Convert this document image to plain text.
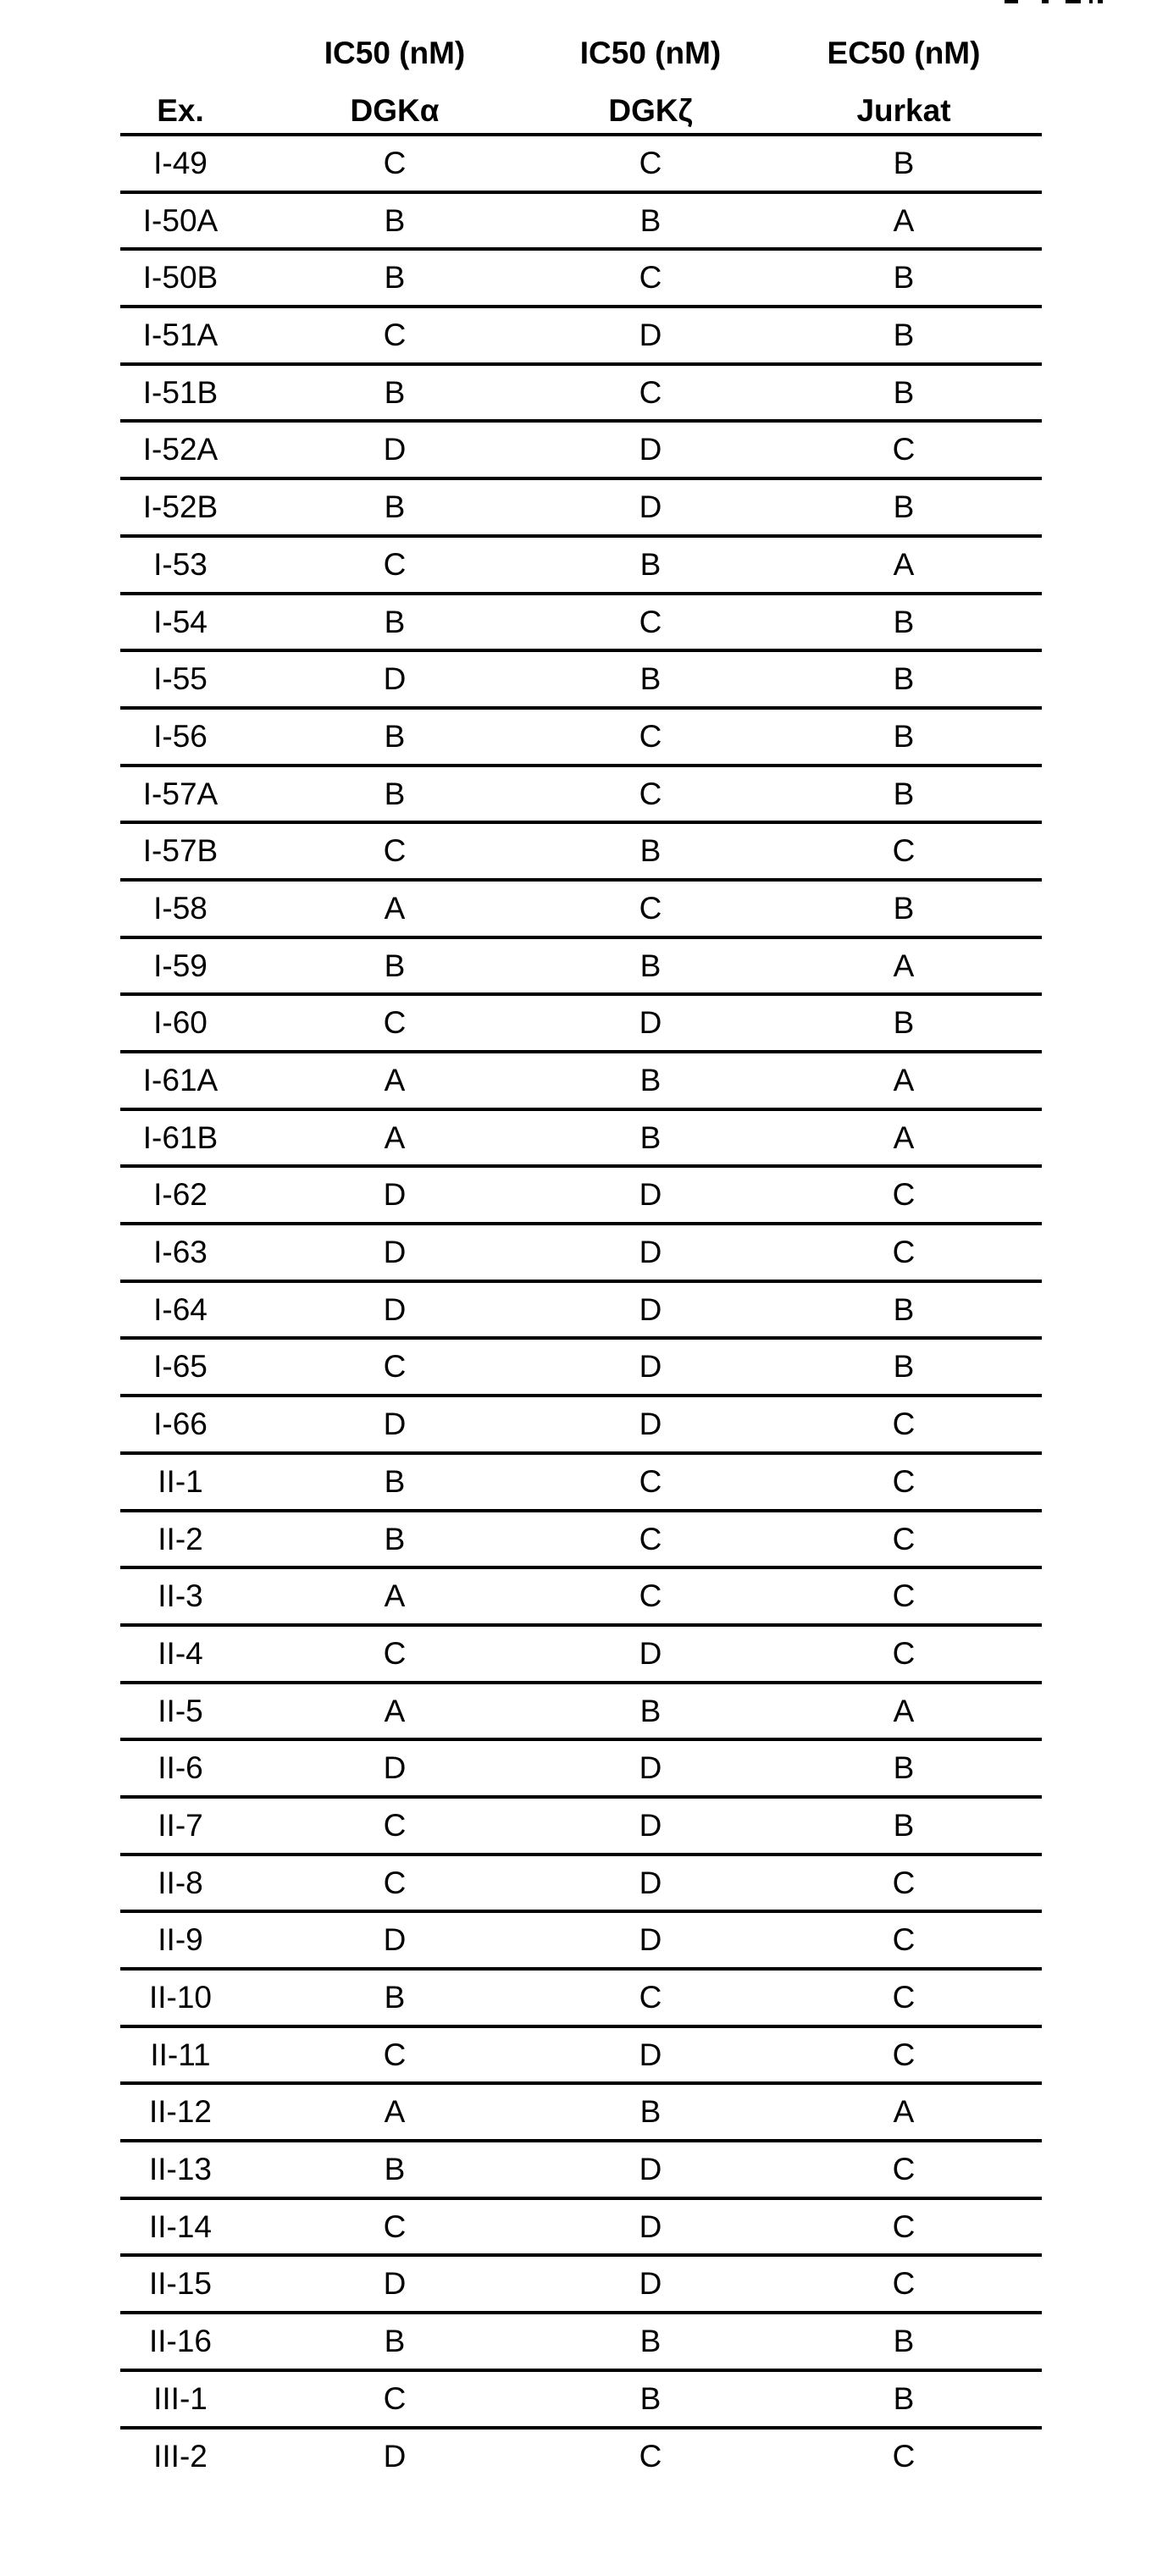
Ex.
IC50 (nM)
DGKα
IC50 (nM)
DGKζ
EC50 (nM)
Jurkat
I-49	C	C	B
I-50A	B	B	A
I-50B	B	C	B
I-51A	C	D	B
I-51B	B	C	B
I-52A	D	D	C
I-52B	B	D	B
I-53	C	B	A
I-54	B	C	B
I-55	D	B	B
I-56	B	C	B
I-57A	B	C	B
I-57B	C	B	C
I-58	A	C	B
I-59	B	B	A
I-60	C	D	B
I-61A	A	B	A
I-61B	A	B	A
I-62	D	D	C
I-63	D	D	C
I-64	D	D	B
I-65	C	D	B
I-66	D	D	C
II-1	B	C	C
II-2	B	C	C
II-3	A	C	C
II-4	C	D	C
II-5	A	B	A
II-6	D	D	B
II-7	C	D	B
II-8	C	D	C
II-9	D	D	C
II-10	B	C	C
II-11	C	D	C
II-12	A	B	A
II-13	B	D	C
II-14	C	D	C
II-15	D	D	C
II-16	B	B	B
III-1	C	B	B
III-2	D	C	C
